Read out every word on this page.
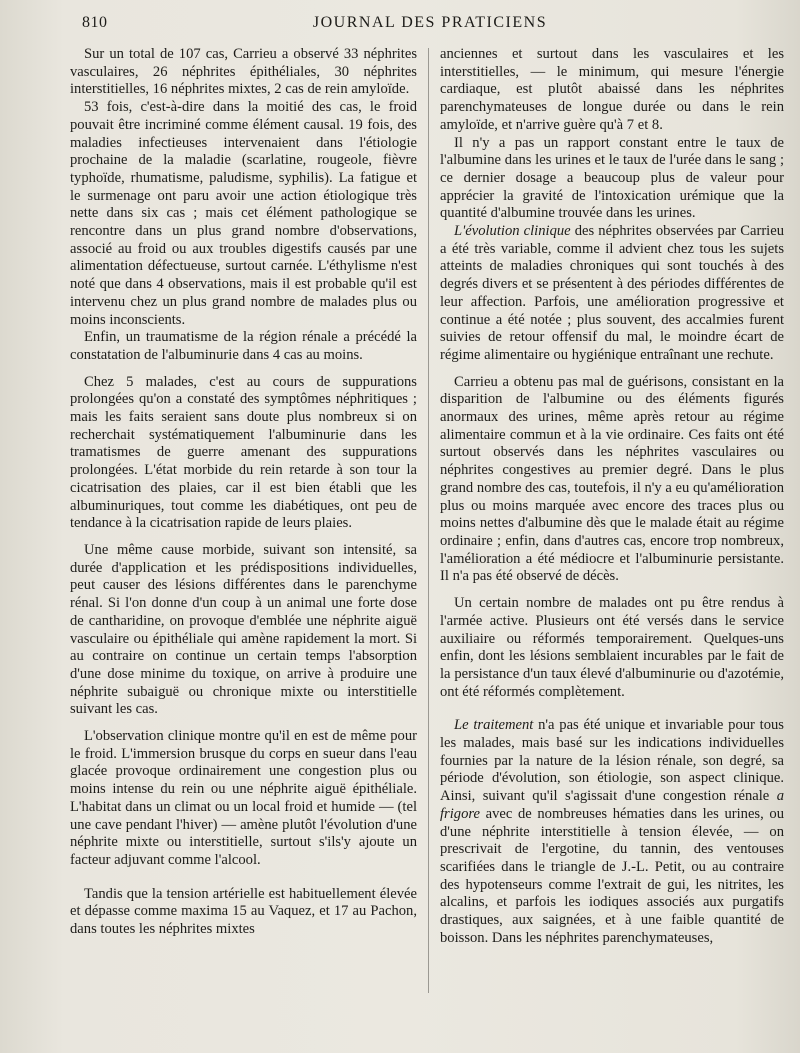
810	JOURNAL DES PRATICIENS

Sur un total de 107 cas, Carrieu a observé 33 néphrites vasculaires, 26 néphrites épithéliales, 30 néphrites interstitielles, 16 néphrites mixtes, 2 cas de rein amyloïde.

53 fois, c'est-à-dire dans la moitié des cas, le froid pouvait être incriminé comme élément causal. 19 fois, des maladies infectieuses intervenaient dans l'étiologie prochaine de la maladie (scarlatine, rougeole, fièvre typhoïde, rhumatisme, paludisme, syphilis). La fatigue et le surmenage ont paru avoir une action étiologique très nette dans six cas ; mais cet élément pathologique se rencontre dans un plus grand nombre d'observations, associé au froid ou aux troubles digestifs causés par une alimentation défectueuse, surtout carnée. L'éthylisme n'est noté que dans 4 observations, mais il est probable qu'il est intervenu chez un plus grand nombre de malades plus ou moins inconscients.

Enfin, un traumatisme de la région rénale a précédé la constatation de l'albuminurie dans 4 cas au moins.

Chez 5 malades, c'est au cours de suppurations prolongées qu'on a constaté des symptômes néphritiques ; mais les faits seraient sans doute plus nombreux si on recherchait systématiquement l'albuminurie dans les tramatismes de guerre amenant des suppurations prolongées. L'état morbide du rein retarde à son tour la cicatrisation des plaies, car il est bien établi que les albuminuriques, tout comme les diabétiques, ont peu de tendance à la cicatrisation rapide de leurs plaies.

Une même cause morbide, suivant son intensité, sa durée d'application et les prédispositions individuelles, peut causer des lésions différentes dans le parenchyme rénal. Si l'on donne d'un coup à un animal une forte dose de cantharidine, on provoque d'emblée une néphrite aiguë vasculaire ou épithéliale qui amène rapidement la mort. Si au contraire on continue un certain temps l'absorption d'une dose minime du toxique, on arrive à produire une néphrite subaiguë ou chronique mixte ou interstitielle suivant les cas.

L'observation clinique montre qu'il en est de même pour le froid. L'immersion brusque du corps en sueur dans l'eau glacée provoque ordinairement une congestion plus ou moins intense du rein ou une néphrite aiguë épithéliale. L'habitat dans un climat ou un local froid et humide — (tel une cave pendant l'hiver) — amène plutôt l'évolution d'une néphrite mixte ou interstitielle, surtout s'ils'y ajoute un facteur adjuvant comme l'alcool.

Tandis que la tension artérielle est habituellement élevée et dépasse comme maxima 15 au Vaquez, et 17 au Pachon, dans toutes les néphrites mixtes

anciennes et surtout dans les vasculaires et les interstitielles, — le minimum, qui mesure l'énergie cardiaque, est plutôt abaissé dans les néphrites parenchymateuses de longue durée ou dans le rein amyloïde, et n'arrive guère qu'à 7 et 8.

Il n'y a pas un rapport constant entre le taux de l'albumine dans les urines et le taux de l'urée dans le sang ; ce dernier dosage a beaucoup plus de valeur pour apprécier la gravité de l'intoxication urémique que la quantité d'albumine trouvée dans les urines.

L'évolution clinique des néphrites observées par Carrieu a été très variable, comme il advient chez tous les sujets atteints de maladies chroniques qui sont touchés à des degrés divers et se présentent à des périodes différentes de leur affection. Parfois, une amélioration progressive et continue a été notée ; plus souvent, des accalmies furent suivies de retour offensif du mal, le moindre écart de régime alimentaire ou hygiénique entraînant une rechute.

Carrieu a obtenu pas mal de guérisons, consistant en la disparition de l'albumine ou des éléments figurés anormaux des urines, même après retour au régime alimentaire commun et à la vie ordinaire. Ces faits ont été surtout observés dans les néphrites vasculaires ou néphrites congestives au premier degré. Dans le plus grand nombre des cas, toutefois, il n'y a eu qu'amélioration plus ou moins marquée avec encore des traces plus ou moins nettes d'albumine dès que le malade était au régime ordinaire ; enfin, dans d'autres cas, encore trop nombreux, l'amélioration a été médiocre et l'albuminurie persistante. Il n'a pas été observé de décès.

Un certain nombre de malades ont pu être rendus à l'armée active. Plusieurs ont été versés dans le service auxiliaire ou réformés temporairement. Quelques-uns enfin, dont les lésions semblaient incurables par le fait de la persistance d'un taux élevé d'albuminurie ou d'azotémie, ont été réformés complètement.

Le traitement n'a pas été unique et invariable pour tous les malades, mais basé sur les indications individuelles fournies par la nature de la lésion rénale, son degré, sa période d'évolution, son étiologie, son aspect clinique. Ainsi, suivant qu'il s'agissait d'une congestion rénale a frigore avec de nombreuses hématies dans les urines, ou d'une néphrite interstitielle à tension élevée, — on prescrivait de l'ergotine, du tannin, des ventouses scarifiées dans le triangle de J.-L. Petit, ou au contraire des hypotenseurs comme l'extrait de gui, les nitrites, les alcalins, et parfois les iodiques associés aux purgatifs drastiques, aux saignées, et à une faible quantité de boisson. Dans les néphrites parenchymateuses,
